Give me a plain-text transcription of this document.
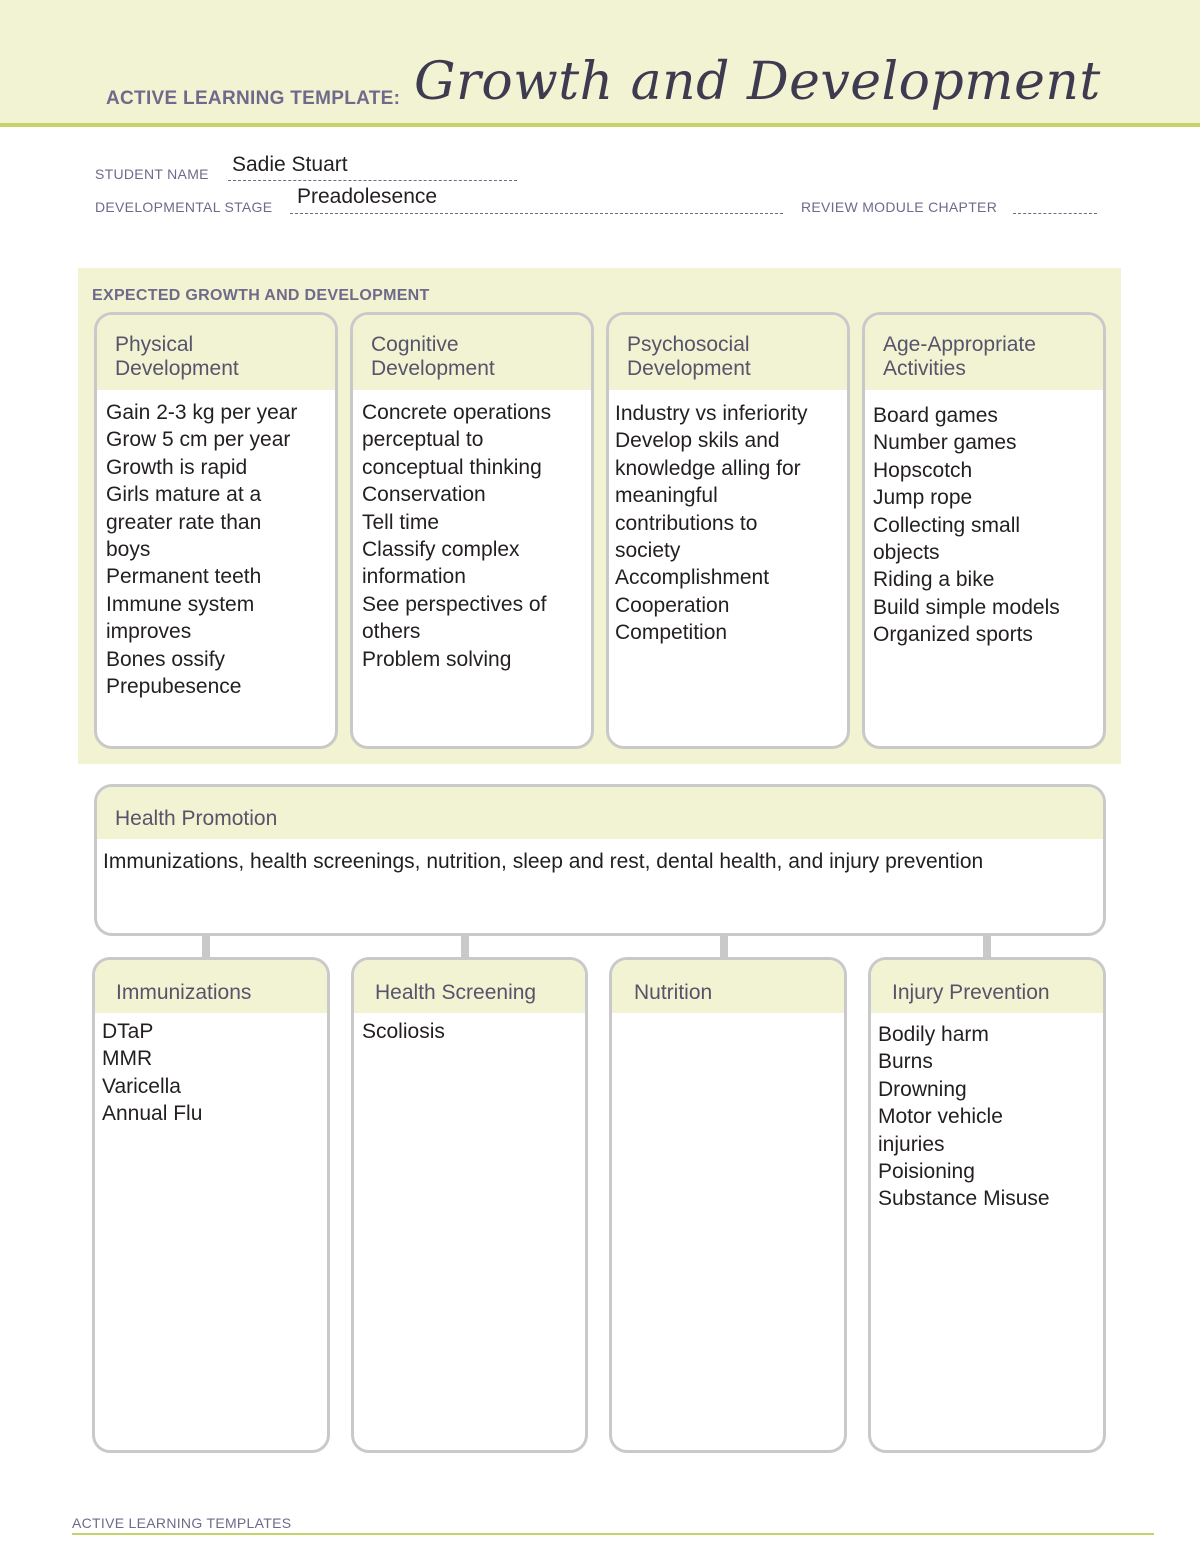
ACTIVE LEARNING TEMPLATE: Growth and Development
STUDENT NAME Sadie Stuart
DEVELOPMENTAL STAGE Preadolesence	REVIEW MODULE CHAPTER
EXPECTED GROWTH AND DEVELOPMENT
Physical
Development
Gain 2-3 kg per year
Grow 5 cm per year
Growth is rapid
Girls mature at a
greater rate than
boys
Permanent teeth
Immune system
improves
Bones ossify
Prepubesence
Cognitive
Development
Concrete operations
perceptual to
conceptual thinking
Conservation
Tell time
Classify complex
information
See perspectives of
others
Problem solving
Psychosocial
Development
Industry vs inferiority
Develop skils and
knowledge alling for
meaningful
contributions to
society
Accomplishment
Cooperation
Competition
Age-Appropriate
Activities
Board games
Number games
Hopscotch
Jump rope
Collecting small
objects
Riding a bike
Build simple models
Organized sports
Health Promotion
Immunizations, health screenings, nutrition, sleep and rest, dental health, and injury prevention
Immunizations
DTaP
MMR
Varicella
Annual Flu
Health Screening
Scoliosis
Nutrition	Injury Prevention
Bodily harm
Burns
Drowning
Motor vehicle
injuries
Poisioning
Substance Misuse
ACTIVE LEARNING TEMPLATES
